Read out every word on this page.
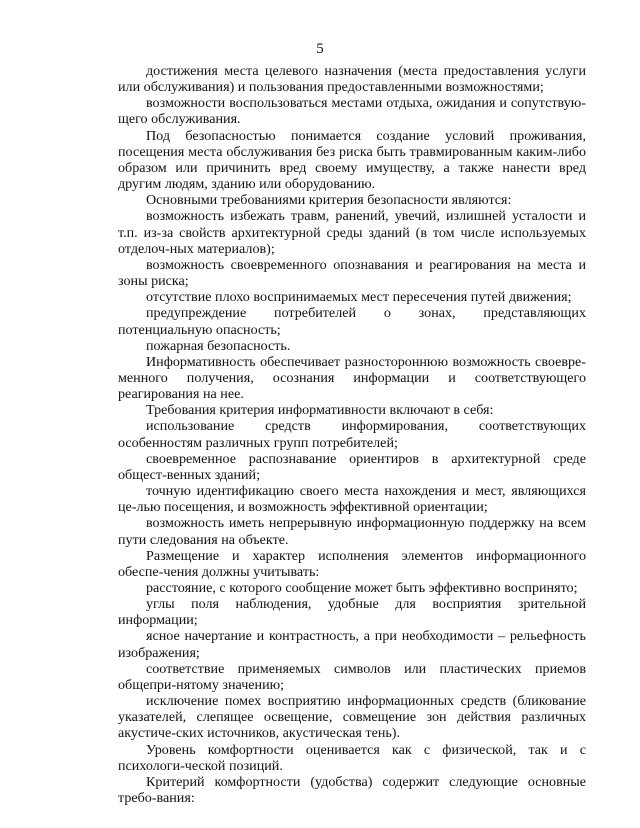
5

достижения места целевого назначения (места предоставления услуги или обслуживания) и пользования предоставленными возможностями;

возможности воспользоваться местами отдыха, ожидания и сопутствую-щего обслуживания.

Под безопасностью понимается создание условий проживания, посещения места обслуживания без риска быть травмированным каким-либо образом или причинить вред своему имуществу, а также нанести вред другим людям, зданию или оборудованию.

Основными требованиями критерия безопасности являются:

возможность избежать травм, ранений, увечий, излишней усталости и т.п. из-за свойств архитектурной среды зданий (в том числе используемых отделоч-ных материалов);

возможность своевременного опознавания и реагирования на места и зоны риска;

отсутствие плохо воспринимаемых мест пересечения путей движения;

предупреждение потребителей о зонах, представляющих потенциальную опасность;

пожарная безопасность.

Информативность обеспечивает разностороннюю возможность своевре-менного получения, осознания информации и соответствующего реагирования на нее.

Требования критерия информативности включают в себя:

использование средств информирования, соответствующих особенностям различных групп потребителей;

своевременное распознавание ориентиров в архитектурной среде общест-венных зданий;

точную идентификацию своего места нахождения и мест, являющихся це-лью посещения, и возможность эффективной ориентации;

возможность иметь непрерывную информационную поддержку на всем пути следования на объекте.

Размещение и характер исполнения элементов информационного обеспе-чения должны учитывать:

расстояние, с которого сообщение может быть эффективно воспринято;

углы поля наблюдения, удобные для восприятия зрительной информации;

ясное начертание и контрастность, а при необходимости – рельефность изображения;

соответствие применяемых символов или пластических приемов общепри-нятому значению;

исключение помех восприятию информационных средств (бликование указателей, слепящее освещение, совмещение зон действия различных акустиче-ских источников, акустическая тень).

Уровень комфортности оценивается как с физической, так и с психологи-ческой позиций.

Критерий комфортности (удобства) содержит следующие основные требо-вания:
